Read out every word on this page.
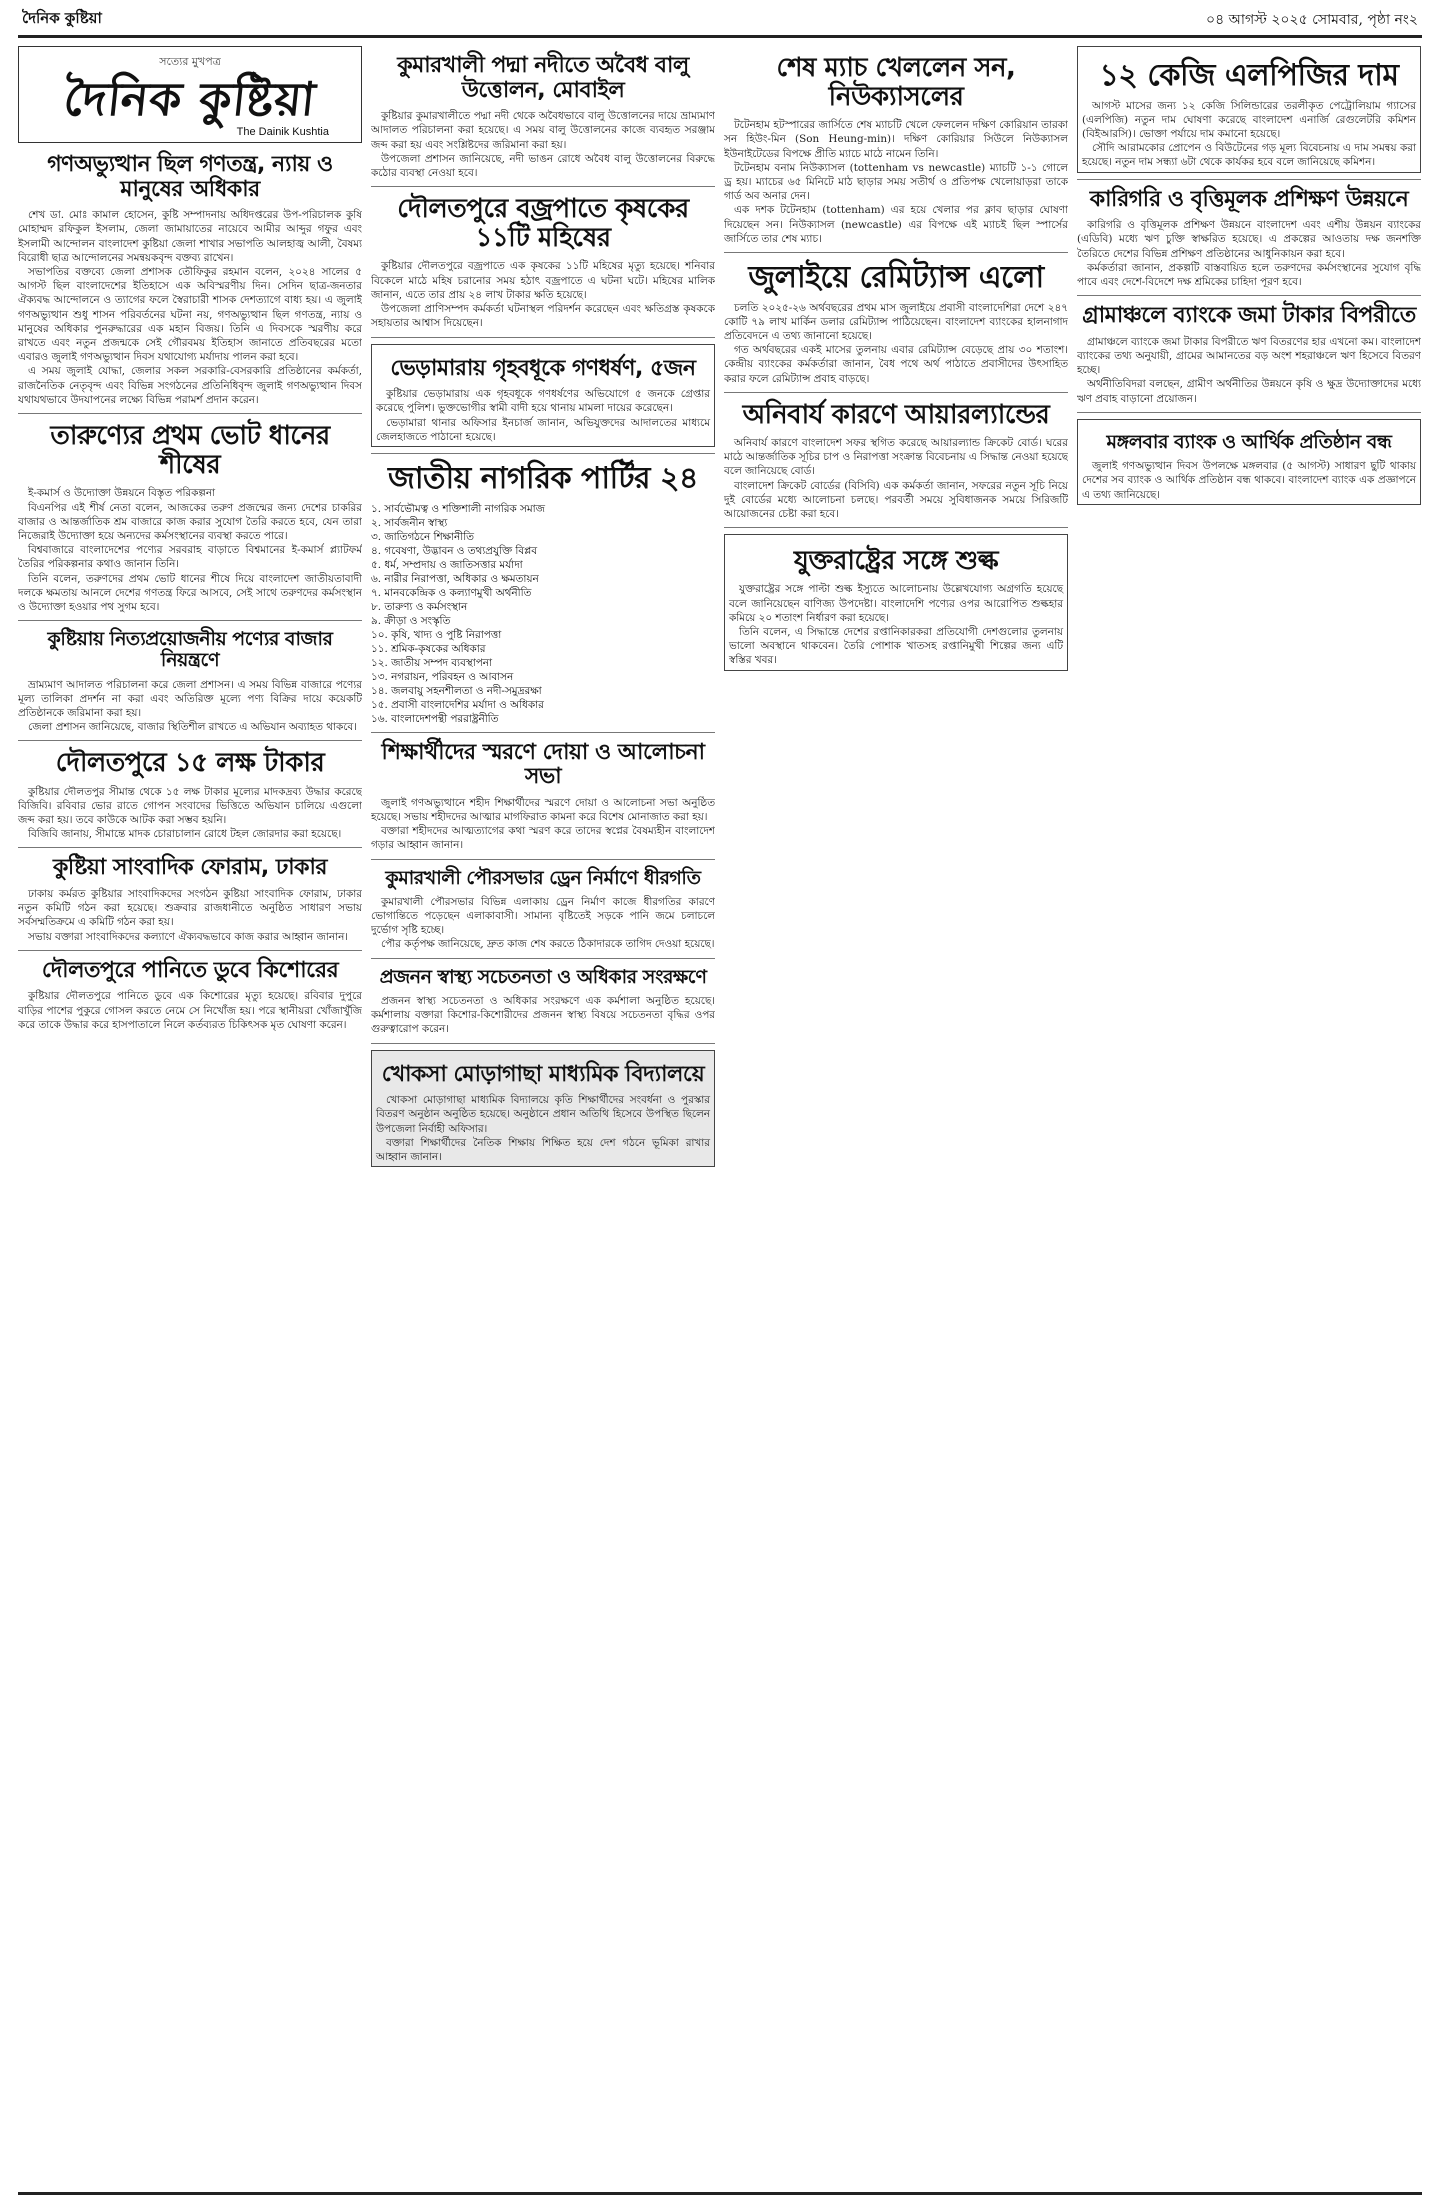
দৈনিক কুষ্টিয়া	০৪ আগস্ট ২০২৫ সোমবার, পৃষ্ঠা নং২
সত্যের মুখপত্র
দৈনিক কুষ্টিয়া
The Dainik Kushtia
গণঅভ্যুত্থান ছিল গণতন্ত্র, ন্যায় ও মানুষের অধিকার

শেখ ডা. মোঃ কামাল হোসেন, কুষ্টি সম্পাদনায় অধিদপ্তরের উপ-পরিচালক কুষি মোহাম্মদ রফিকুল ইসলাম, জেলা জামায়াতের নায়েবে আমীর আব্দুর গফুর এবং ইসলামী আন্দোলন বাংলাদেশ কুষ্টিয়া জেলা শাখার সভাপতি আলহাজ্ব আলী, বৈষম্য বিরোধী ছাত্র আন্দোলনের সমন্বয়কবৃন্দ বক্তব্য রাখেন।

সভাপতির বক্তব্যে জেলা প্রশাসক তৌফিকুর রহমান বলেন, ২০২৪ সালের ৫ আগস্ট ছিল বাংলাদেশের ইতিহাসে এক অবিস্মরণীয় দিন। সেদিন ছাত্র-জনতার ঐক্যবদ্ধ আন্দোলনে ও ত্যাগের ফলে স্বৈরাচারী শাসক দেশত্যাগে বাধ্য হয়। এ জুলাই গণঅভ্যুত্থান শুধু শাসন পরিবর্তনের ঘটনা নয়, গণঅভ্যুত্থান ছিল গণতন্ত্র, ন্যায় ও মানুষের অধিকার পুনরুদ্ধারের এক মহান বিজয়। তিনি এ দিবসকে স্মরণীয় করে রাখতে এবং নতুন প্রজন্মকে সেই গৌরবময় ইতিহাস জানাতে প্রতিবছরের মতো এবারও জুলাই গণঅভ্যুত্থান দিবস যথাযোগ্য মর্যাদায় পালন করা হবে।

এ সময় জুলাই যোদ্ধা, জেলার সকল সরকারি-বেসরকারি প্রতিষ্ঠানের কর্মকর্তা, রাজনৈতিক নেতৃবৃন্দ এবং বিভিন্ন সংগঠনের প্রতিনিধিবৃন্দ জুলাই গণঅভ্যুত্থান দিবস যথাযথভাবে উদযাপনের লক্ষ্যে বিভিন্ন পরামর্শ প্রদান করেন।

তারুণ্যের প্রথম ভোট ধানের শীষের

ই-কমার্স ও উদ্যোক্তা উন্নয়নে বিস্তৃত পরিকল্পনা

বিএনপির এই শীর্ষ নেতা বলেন, আজকের তরুণ প্রজন্মের জন্য দেশের চাকরির বাজার ও আন্তর্জাতিক শ্রম বাজারে কাজ করার সুযোগ তৈরি করতে হবে, যেন তারা নিজেরাই উদ্যোক্তা হয়ে অন্যদের কর্মসংস্থানের ব্যবস্থা করতে পারে।

বিশ্ববাজারে বাংলাদেশের পণ্যের সরবরাহ বাড়াতে বিশ্বমানের ই-কমার্স প্ল্যাটফর্ম তৈরির পরিকল্পনার কথাও জানান তিনি।

তিনি বলেন, তরুণদের প্রথম ভোট ধানের শীষে দিয়ে বাংলাদেশ জাতীয়তাবাদী দলকে ক্ষমতায় আনলে দেশের গণতন্ত্র ফিরে আসবে, সেই সাথে তরুণদের কর্মসংস্থান ও উদ্যোক্তা হওয়ার পথ সুগম হবে।

কুষ্টিয়ায় নিত্যপ্রয়োজনীয় পণ্যের বাজার নিয়ন্ত্রণে

ভ্রাম্যমাণ আদালত পরিচালনা করে জেলা প্রশাসন। এ সময় বিভিন্ন বাজারে পণ্যের মূল্য তালিকা প্রদর্শন না করা এবং অতিরিক্ত মূল্যে পণ্য বিক্রির দায়ে কয়েকটি প্রতিষ্ঠানকে জরিমানা করা হয়।

জেলা প্রশাসন জানিয়েছে, বাজার স্থিতিশীল রাখতে এ অভিযান অব্যাহত থাকবে।

দৌলতপুরে ১৫ লক্ষ টাকার

কুষ্টিয়ার দৌলতপুর সীমান্ত থেকে ১৫ লক্ষ টাকার মূল্যের মাদকদ্রব্য উদ্ধার করেছে বিজিবি। রবিবার ভোর রাতে গোপন সংবাদের ভিত্তিতে অভিযান চালিয়ে এগুলো জব্দ করা হয়। তবে কাউকে আটক করা সম্ভব হয়নি।

বিজিবি জানায়, সীমান্তে মাদক চোরাচালান রোধে টহল জোরদার করা হয়েছে।

কুষ্টিয়া সাংবাদিক ফোরাম, ঢাকার

ঢাকায় কর্মরত কুষ্টিয়ার সাংবাদিকদের সংগঠন কুষ্টিয়া সাংবাদিক ফোরাম, ঢাকার নতুন কমিটি গঠন করা হয়েছে। শুক্রবার রাজধানীতে অনুষ্ঠিত সাধারণ সভায় সর্বসম্মতিক্রমে এ কমিটি গঠন করা হয়।

সভায় বক্তারা সাংবাদিকদের কল্যাণে ঐক্যবদ্ধভাবে কাজ করার আহ্বান জানান।

দৌলতপুরে পানিতে ডুবে কিশোরের

কুষ্টিয়ার দৌলতপুরে পানিতে ডুবে এক কিশোরের মৃত্যু হয়েছে। রবিবার দুপুরে বাড়ির পাশের পুকুরে গোসল করতে নেমে সে নিখোঁজ হয়। পরে স্থানীয়রা খোঁজাখুঁজি করে তাকে উদ্ধার করে হাসপাতালে নিলে কর্তব্যরত চিকিৎসক মৃত ঘোষণা করেন।

কুমারখালী পদ্মা নদীতে অবৈধ বালু উত্তোলন, মোবাইল

কুষ্টিয়ার কুমারখালীতে পদ্মা নদী থেকে অবৈধভাবে বালু উত্তোলনের দায়ে ভ্রাম্যমাণ আদালত পরিচালনা করা হয়েছে। এ সময় বালু উত্তোলনের কাজে ব্যবহৃত সরঞ্জাম জব্দ করা হয় এবং সংশ্লিষ্টদের জরিমানা করা হয়।

উপজেলা প্রশাসন জানিয়েছে, নদী ভাঙন রোধে অবৈধ বালু উত্তোলনের বিরুদ্ধে কঠোর ব্যবস্থা নেওয়া হবে।

দৌলতপুরে বজ্রপাতে কৃষকের ১১টি মহিষের

কুষ্টিয়ার দৌলতপুরে বজ্রপাতে এক কৃষকের ১১টি মহিষের মৃত্যু হয়েছে। শনিবার বিকেলে মাঠে মহিষ চরানোর সময় হঠাৎ বজ্রপাতে এ ঘটনা ঘটে। মহিষের মালিক জানান, এতে তার প্রায় ২৪ লাখ টাকার ক্ষতি হয়েছে।

উপজেলা প্রাণিসম্পদ কর্মকর্তা ঘটনাস্থল পরিদর্শন করেছেন এবং ক্ষতিগ্রস্ত কৃষককে সহায়তার আশ্বাস দিয়েছেন।

ভেড়ামারায় গৃহবধূকে গণধর্ষণ, ৫জন

কুষ্টিয়ার ভেড়ামারায় এক গৃহবধূকে গণধর্ষণের অভিযোগে ৫ জনকে গ্রেপ্তার করেছে পুলিশ। ভুক্তভোগীর স্বামী বাদী হয়ে থানায় মামলা দায়ের করেছেন।

ভেড়ামারা থানার অফিসার ইনচার্জ জানান, অভিযুক্তদের আদালতের মাধ্যমে জেলহাজতে পাঠানো হয়েছে।

জাতীয় নাগরিক পার্টির ২৪
১. সার্বভৌমত্ব ও শক্তিশালী নাগরিক সমাজ
২. সার্বজনীন স্বাস্থ্য
৩. জাতিগঠনে শিক্ষানীতি
৪. গবেষণা, উদ্ভাবন ও তথ্যপ্রযুক্তি বিপ্লব
৫. ধর্ম, সম্প্রদায় ও জাতিসত্তার মর্যাদা
৬. নারীর নিরাপত্তা, অধিকার ও ক্ষমতায়ন
৭. মানবকেন্দ্রিক ও কল্যাণমুখী অর্থনীতি
৮. তারুণ্য ও কর্মসংস্থান
৯. ক্রীড়া ও সংস্কৃতি
১০. কৃষি, খাদ্য ও পুষ্টি নিরাপত্তা
১১. শ্রমিক-কৃষকের অধিকার
১২. জাতীয় সম্পদ ব্যবস্থাপনা
১৩. নগরায়ন, পরিবহন ও আবাসন
১৪. জলবায়ু সহনশীলতা ও নদী-সমুদ্ররক্ষা
১৫. প্রবাসী বাংলাদেশির মর্যাদা ও অধিকার
১৬. বাংলাদেশপন্থী পররাষ্ট্রনীতি
শিক্ষার্থীদের স্মরণে দোয়া ও আলোচনা সভা

জুলাই গণঅভ্যুত্থানে শহীদ শিক্ষার্থীদের স্মরণে দোয়া ও আলোচনা সভা অনুষ্ঠিত হয়েছে। সভায় শহীদদের আত্মার মাগফিরাত কামনা করে বিশেষ মোনাজাত করা হয়।

বক্তারা শহীদদের আত্মত্যাগের কথা স্মরণ করে তাদের স্বপ্নের বৈষম্যহীন বাংলাদেশ গড়ার আহ্বান জানান।

কুমারখালী পৌরসভার ড্রেন নির্মাণে ধীরগতি

কুমারখালী পৌরসভার বিভিন্ন এলাকায় ড্রেন নির্মাণ কাজে ধীরগতির কারণে ভোগান্তিতে পড়েছেন এলাকাবাসী। সামান্য বৃষ্টিতেই সড়কে পানি জমে চলাচলে দুর্ভোগ সৃষ্টি হচ্ছে।

পৌর কর্তৃপক্ষ জানিয়েছে, দ্রুত কাজ শেষ করতে ঠিকাদারকে তাগিদ দেওয়া হয়েছে।

প্রজনন স্বাস্থ্য সচেতনতা ও অধিকার সংরক্ষণে

প্রজনন স্বাস্থ্য সচেতনতা ও অধিকার সংরক্ষণে এক কর্মশালা অনুষ্ঠিত হয়েছে। কর্মশালায় বক্তারা কিশোর-কিশোরীদের প্রজনন স্বাস্থ্য বিষয়ে সচেতনতা বৃদ্ধির ওপর গুরুত্বারোপ করেন।

খোকসা মোড়াগাছা মাধ্যমিক বিদ্যালয়ে

খোকসা মোড়াগাছা মাধ্যমিক বিদ্যালয়ে কৃতি শিক্ষার্থীদের সংবর্ধনা ও পুরস্কার বিতরণ অনুষ্ঠান অনুষ্ঠিত হয়েছে। অনুষ্ঠানে প্রধান অতিথি হিসেবে উপস্থিত ছিলেন উপজেলা নির্বাহী অফিসার।

বক্তারা শিক্ষার্থীদের নৈতিক শিক্ষায় শিক্ষিত হয়ে দেশ গঠনে ভূমিকা রাখার আহ্বান জানান।

শেষ ম্যাচ খেললেন সন, নিউক্যাসলের

টটেনহাম হটস্পারের জার্সিতে শেষ ম্যাচটি খেলে ফেললেন দক্ষিণ কোরিয়ান তারকা সন হিউং-মিন (Son Heung-min)। দক্ষিণ কোরিয়ার সিউলে নিউক্যাসল ইউনাইটেডের বিপক্ষে প্রীতি ম্যাচে মাঠে নামেন তিনি।

টটেনহাম বনাম নিউক্যাসল (tottenham vs newcastle) ম্যাচটি ১-১ গোলে ড্র হয়। ম্যাচের ৬৫ মিনিটে মাঠ ছাড়ার সময় সতীর্থ ও প্রতিপক্ষ খেলোয়াড়রা তাকে গার্ড অব অনার দেন।

এক দশক টটেনহাম (tottenham) এর হয়ে খেলার পর ক্লাব ছাড়ার ঘোষণা দিয়েছেন সন। নিউক্যাসল (newcastle) এর বিপক্ষে এই ম্যাচই ছিল স্পার্সের জার্সিতে তার শেষ ম্যাচ।

জুলাইয়ে রেমিট্যান্স এলো

চলতি ২০২৫-২৬ অর্থবছরের প্রথম মাস জুলাইয়ে প্রবাসী বাংলাদেশিরা দেশে ২৪৭ কোটি ৭৯ লাখ মার্কিন ডলার রেমিট্যান্স পাঠিয়েছেন। বাংলাদেশ ব্যাংকের হালনাগাদ প্রতিবেদনে এ তথ্য জানানো হয়েছে।

গত অর্থবছরের একই মাসের তুলনায় এবার রেমিট্যান্স বেড়েছে প্রায় ৩০ শতাংশ। কেন্দ্রীয় ব্যাংকের কর্মকর্তারা জানান, বৈধ পথে অর্থ পাঠাতে প্রবাসীদের উৎসাহিত করার ফলে রেমিট্যান্স প্রবাহ বাড়ছে।

অনিবার্য কারণে আয়ারল্যান্ডের

অনিবার্য কারণে বাংলাদেশ সফর স্থগিত করেছে আয়ারল্যান্ড ক্রিকেট বোর্ড। ঘরের মাঠে আন্তর্জাতিক সূচির চাপ ও নিরাপত্তা সংক্রান্ত বিবেচনায় এ সিদ্ধান্ত নেওয়া হয়েছে বলে জানিয়েছে বোর্ড।

বাংলাদেশ ক্রিকেট বোর্ডের (বিসিবি) এক কর্মকর্তা জানান, সফরের নতুন সূচি নিয়ে দুই বোর্ডের মধ্যে আলোচনা চলছে। পরবর্তী সময়ে সুবিধাজনক সময়ে সিরিজটি আয়োজনের চেষ্টা করা হবে।

যুক্তরাষ্ট্রের সঙ্গে শুল্ক

যুক্তরাষ্ট্রের সঙ্গে পাল্টা শুল্ক ইস্যুতে আলোচনায় উল্লেখযোগ্য অগ্রগতি হয়েছে বলে জানিয়েছেন বাণিজ্য উপদেষ্টা। বাংলাদেশি পণ্যের ওপর আরোপিত শুল্কহার কমিয়ে ২০ শতাংশ নির্ধারণ করা হয়েছে।

তিনি বলেন, এ সিদ্ধান্তে দেশের রপ্তানিকারকরা প্রতিযোগী দেশগুলোর তুলনায় ভালো অবস্থানে থাকবেন। তৈরি পোশাক খাতসহ রপ্তানিমুখী শিল্পের জন্য এটি স্বস্তির খবর।

১২ কেজি এলপিজির দাম

আগস্ট মাসের জন্য ১২ কেজি সিলিন্ডারের তরলীকৃত পেট্রোলিয়াম গ্যাসের (এলপিজি) নতুন দাম ঘোষণা করেছে বাংলাদেশ এনার্জি রেগুলেটরি কমিশন (বিইআরসি)। ভোক্তা পর্যায়ে দাম কমানো হয়েছে।

সৌদি আরামকোর প্রোপেন ও বিউটেনের গড় মূল্য বিবেচনায় এ দাম সমন্বয় করা হয়েছে। নতুন দাম সন্ধ্যা ৬টা থেকে কার্যকর হবে বলে জানিয়েছে কমিশন।

কারিগরি ও বৃত্তিমূলক প্রশিক্ষণ উন্নয়নে

কারিগরি ও বৃত্তিমূলক প্রশিক্ষণ উন্নয়নে বাংলাদেশ এবং এশীয় উন্নয়ন ব্যাংকের (এডিবি) মধ্যে ঋণ চুক্তি স্বাক্ষরিত হয়েছে। এ প্রকল্পের আওতায় দক্ষ জনশক্তি তৈরিতে দেশের বিভিন্ন প্রশিক্ষণ প্রতিষ্ঠানের আধুনিকায়ন করা হবে।

কর্মকর্তারা জানান, প্রকল্পটি বাস্তবায়িত হলে তরুণদের কর্মসংস্থানের সুযোগ বৃদ্ধি পাবে এবং দেশে-বিদেশে দক্ষ শ্রমিকের চাহিদা পূরণ হবে।

গ্রামাঞ্চলে ব্যাংকে জমা টাকার বিপরীতে

গ্রামাঞ্চলে ব্যাংকে জমা টাকার বিপরীতে ঋণ বিতরণের হার এখনো কম। বাংলাদেশ ব্যাংকের তথ্য অনুযায়ী, গ্রামের আমানতের বড় অংশ শহরাঞ্চলে ঋণ হিসেবে বিতরণ হচ্ছে।

অর্থনীতিবিদরা বলছেন, গ্রামীণ অর্থনীতির উন্নয়নে কৃষি ও ক্ষুদ্র উদ্যোক্তাদের মধ্যে ঋণ প্রবাহ বাড়ানো প্রয়োজন।

মঙ্গলবার ব্যাংক ও আর্থিক প্রতিষ্ঠান বন্ধ

জুলাই গণঅভ্যুত্থান দিবস উপলক্ষে মঙ্গলবার (৫ আগস্ট) সাধারণ ছুটি থাকায় দেশের সব ব্যাংক ও আর্থিক প্রতিষ্ঠান বন্ধ থাকবে। বাংলাদেশ ব্যাংক এক প্রজ্ঞাপনে এ তথ্য জানিয়েছে।
